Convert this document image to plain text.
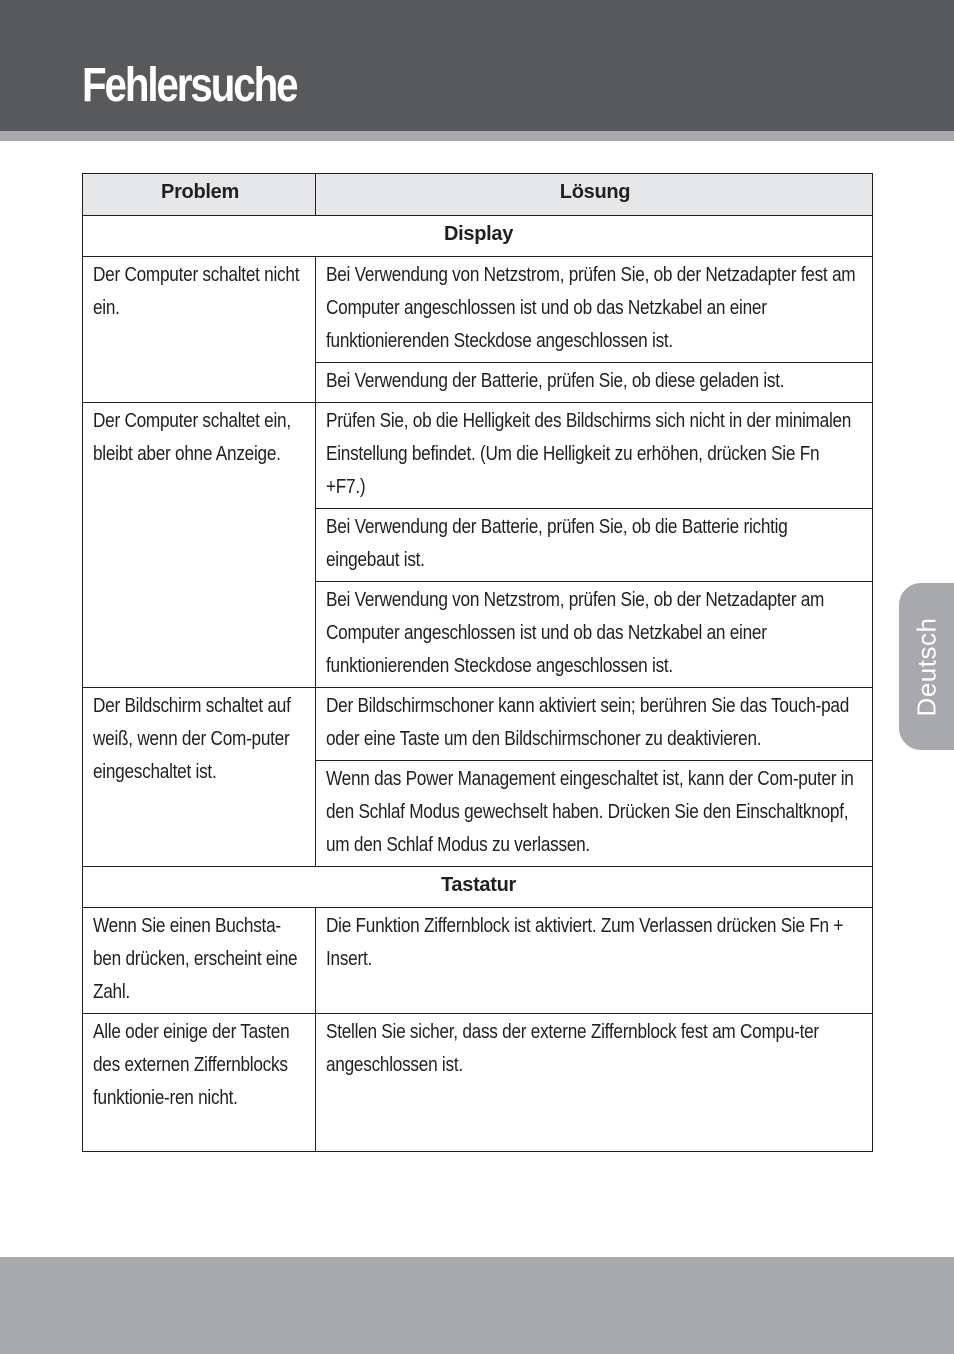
Fehlersuche
Deutsch
Problem	Lösung
Display	

Der Computer schaltet nicht ein.	Bei Verwendung von Netzstrom, prüfen Sie, ob der Netzadapter fest am Computer angeschlossen ist und ob das Netzkabel an einer funktionierenden Steckdose angeschlossen ist.

	Bei Verwendung der Batterie, prüfen Sie, ob diese geladen ist.

Der Computer schaltet ein, bleibt aber ohne Anzeige.	Prüfen Sie, ob die Helligkeit des Bildschirms sich nicht in der minimalen Einstellung befindet. (Um die Helligkeit zu erhöhen, drücken Sie Fn +F7.)

	Bei Verwendung der Batterie, prüfen Sie, ob die Batterie richtig eingebaut ist.

	Bei Verwendung von Netzstrom, prüfen Sie, ob der Netzadapter am Computer angeschlossen ist und ob das Netzkabel an einer funktionierenden Steckdose angeschlossen ist.

Der Bildschirm schaltet auf weiß, wenn der Com-puter eingeschaltet ist.	Der Bildschirmschoner kann aktiviert sein; berühren Sie das Touch-pad oder eine Taste um den Bildschirmschoner zu deaktivieren.

	Wenn das Power Management eingeschaltet ist, kann der Com-puter in den Schlaf Modus gewechselt haben. Drücken Sie den Einschaltknopf, um den Schlaf Modus zu verlassen.

Tastatur	

Wenn Sie einen Buchsta-ben drücken, erscheint eine Zahl.	Die Funktion Ziffernblock ist aktiviert. Zum Verlassen drücken Sie Fn + Insert.

Alle oder einige der Tasten des externen Ziffernblocks funktionie-ren nicht.	Stellen Sie sicher, dass der externe Ziffernblock fest am Compu-ter angeschlossen ist.
